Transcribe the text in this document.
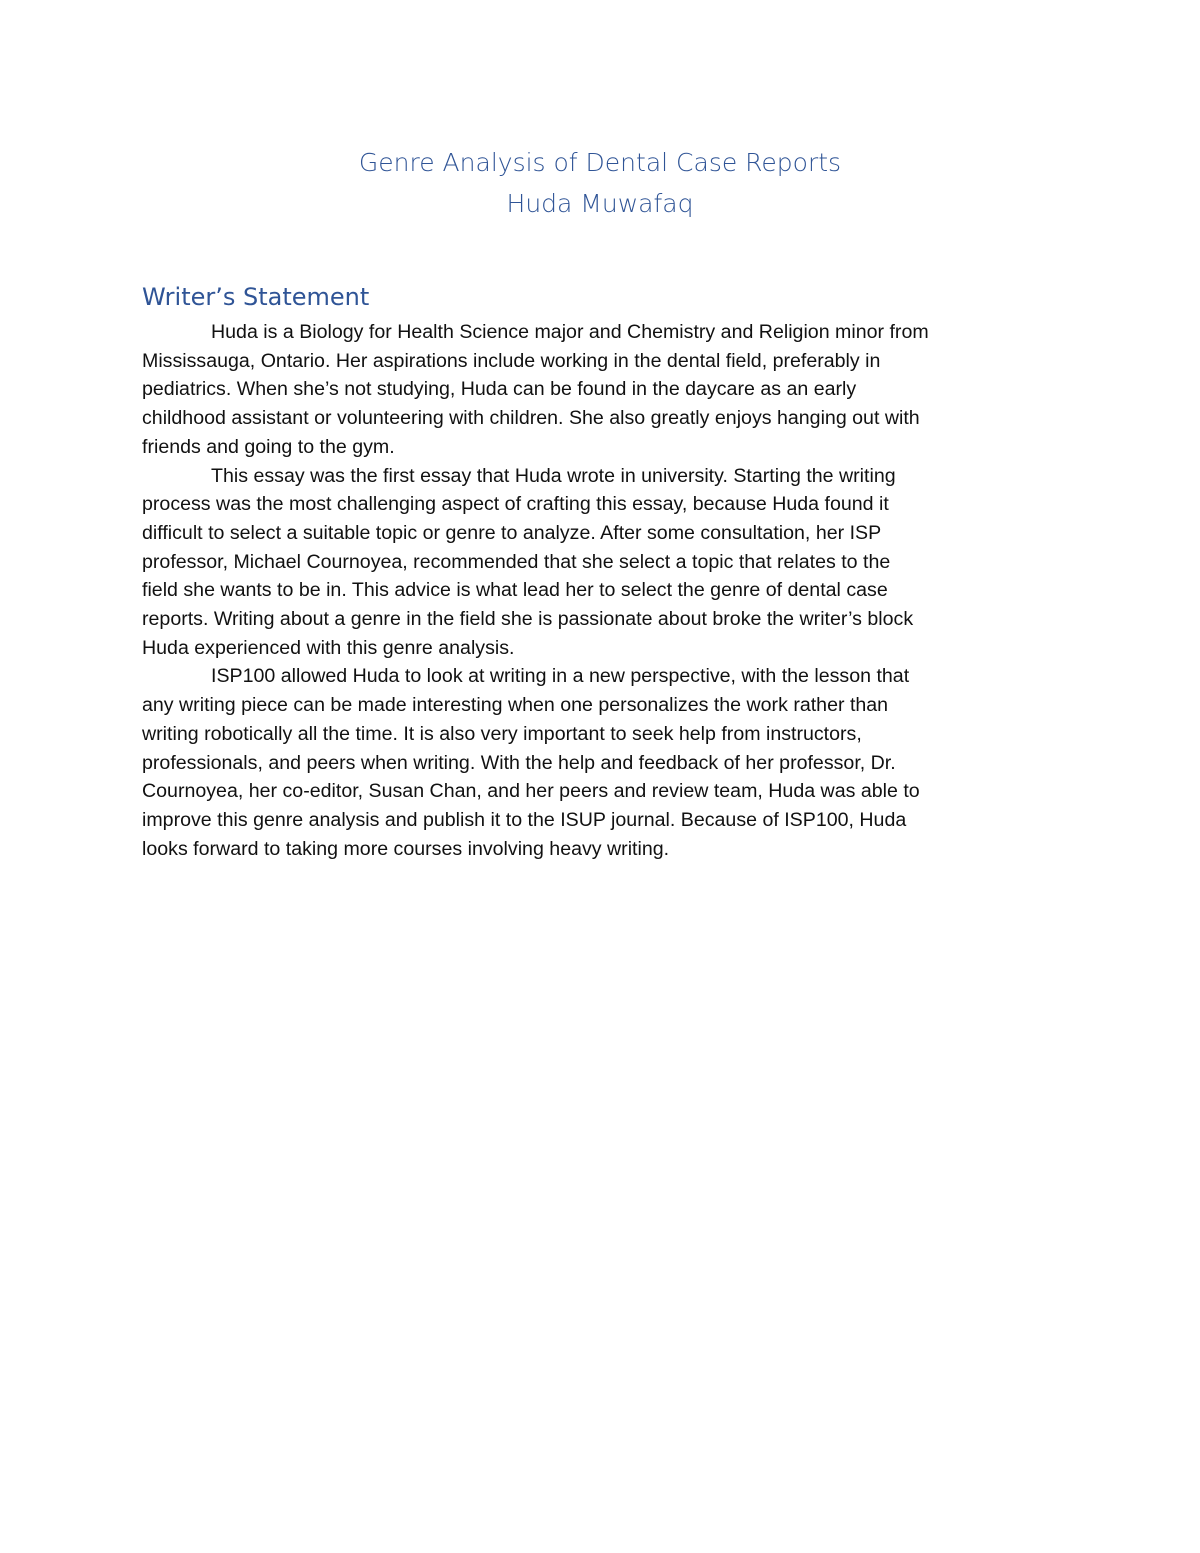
Genre Analysis of Dental Case Reports
Huda Muwafaq
Writer’s Statement
Huda is a Biology for Health Science major and Chemistry and Religion minor from
Mississauga, Ontario. Her aspirations include working in the dental field, preferably in
pediatrics. When she’s not studying, Huda can be found in the daycare as an early
childhood assistant or volunteering with children. She also greatly enjoys hanging out with
friends and going to the gym.
This essay was the first essay that Huda wrote in university. Starting the writing
process was the most challenging aspect of crafting this essay, because Huda found it
difficult to select a suitable topic or genre to analyze. After some consultation, her ISP
professor, Michael Cournoyea, recommended that she select a topic that relates to the
field she wants to be in. This advice is what lead her to select the genre of dental case
reports. Writing about a genre in the field she is passionate about broke the writer’s block
Huda experienced with this genre analysis.
ISP100 allowed Huda to look at writing in a new perspective, with the lesson that
any writing piece can be made interesting when one personalizes the work rather than
writing robotically all the time. It is also very important to seek help from instructors,
professionals, and peers when writing. With the help and feedback of her professor, Dr.
Cournoyea, her co-editor, Susan Chan, and her peers and review team, Huda was able to
improve this genre analysis and publish it to the ISUP journal. Because of ISP100, Huda
looks forward to taking more courses involving heavy writing.
